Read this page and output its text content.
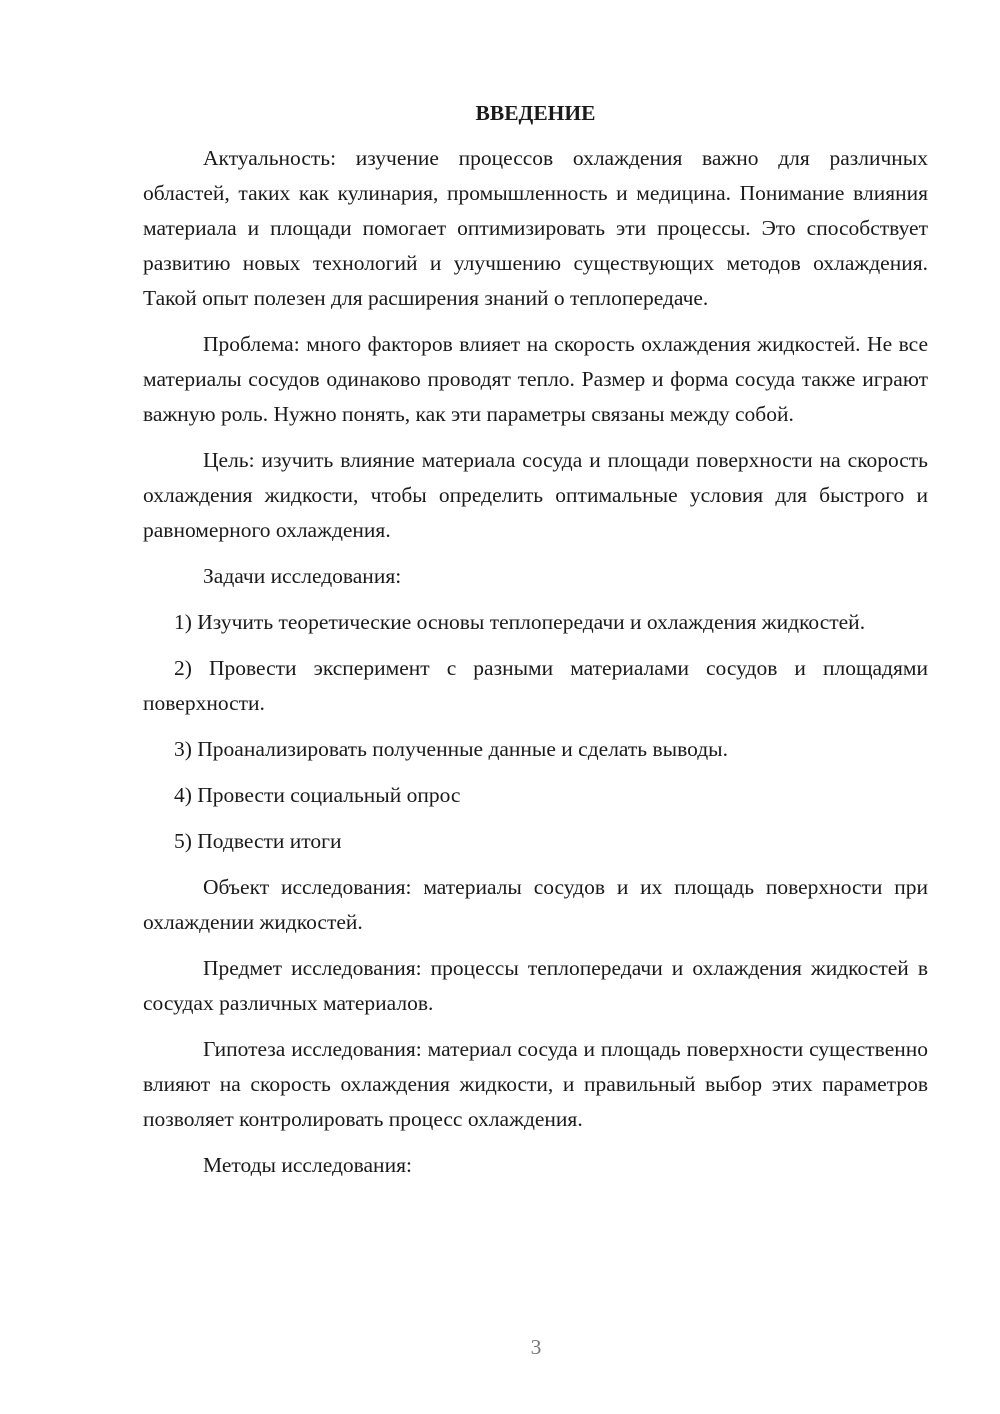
ВВЕДЕНИЕ

Актуальность: изучение процессов охлаждения важно для различных областей, таких как кулинария, промышленность и медицина. Понимание влияния материала и площади помогает оптимизировать эти процессы. Это способствует развитию новых технологий и улучшению существующих методов охлаждения. Такой опыт полезен для расширения знаний о теплопередаче.

Проблема: много факторов влияет на скорость охлаждения жидкостей. Не все материалы сосудов одинаково проводят тепло. Размер и форма сосуда также играют важную роль. Нужно понять, как эти параметры связаны между собой.

Цель: изучить влияние материала сосуда и площади поверхности на скорость охлаждения жидкости, чтобы определить оптимальные условия для быстрого и равномерного охлаждения.

Задачи исследования:

1) Изучить теоретические основы теплопередачи и охлаждения жидкостей.

2) Провести эксперимент с разными материалами сосудов и площадями поверхности.

3) Проанализировать полученные данные и сделать выводы.

4) Провести социальный опрос

5) Подвести итоги

Объект исследования: материалы сосудов и их площадь поверхности при охлаждении жидкостей.

Предмет исследования: процессы теплопередачи и охлаждения жидкостей в сосудах различных материалов.

Гипотеза исследования: материал сосуда и площадь поверхности существенно влияют на скорость охлаждения жидкости, и правильный выбор этих параметров позволяет контролировать процесс охлаждения.

Методы исследования:

3
